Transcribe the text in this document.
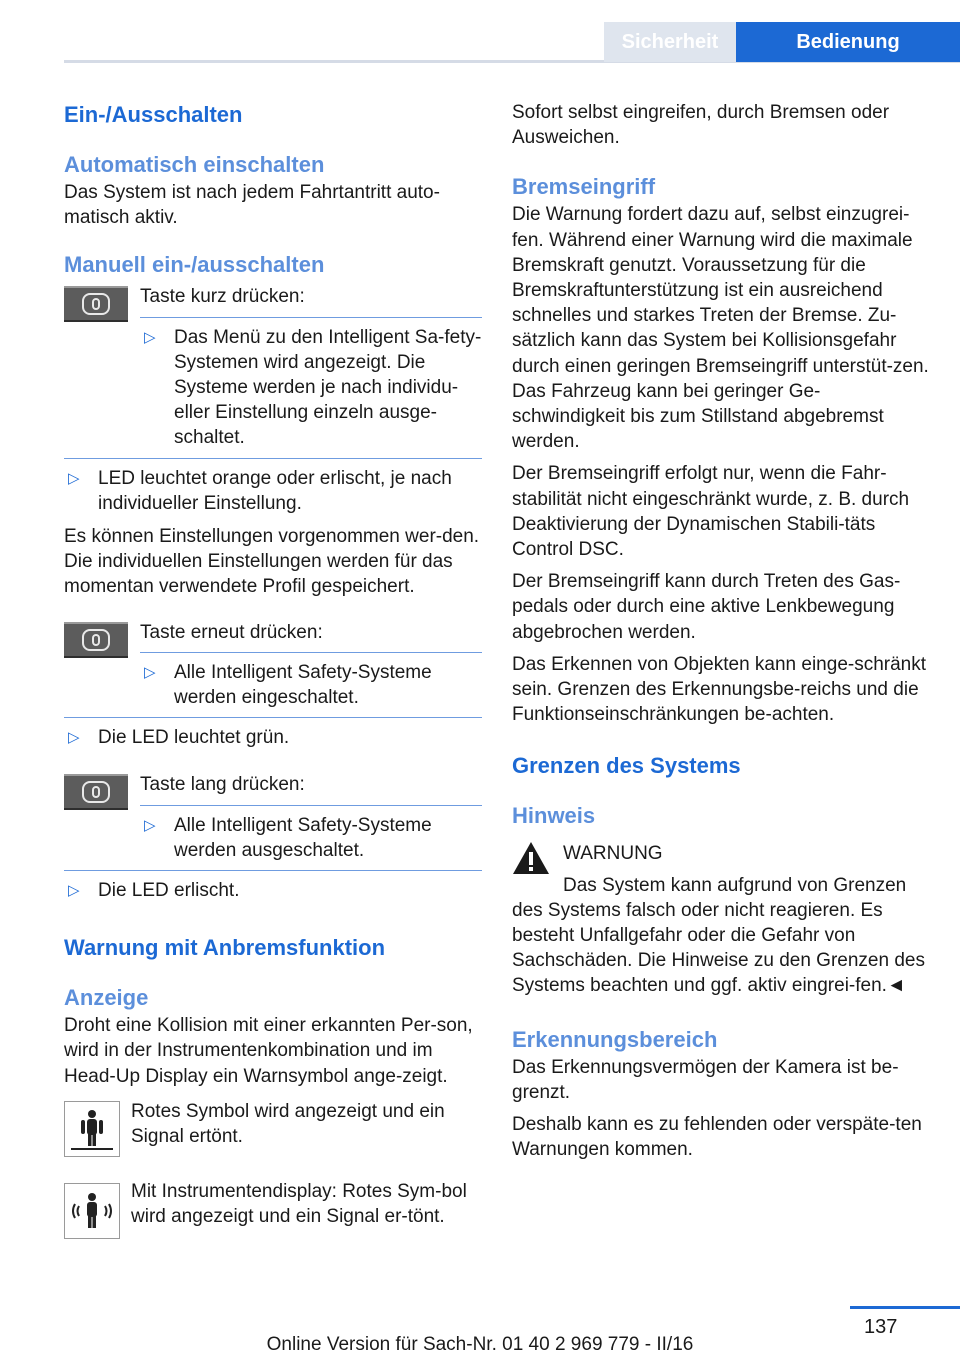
Sicherheit	Bedienung
Ein-/Ausschalten
Automatisch einschalten

Das System ist nach jedem Fahrtantritt auto-matisch aktiv.

Manuell ein-/ausschalten

Taste kurz drücken:

▷ Das Menü zu den Intelligent Sa-fety-Systemen wird angezeigt. Die Systeme werden je nach individu-eller Einstellung einzeln ausge-schaltet.

▷ LED leuchtet orange oder erlischt, je nach individueller Einstellung.

Es können Einstellungen vorgenommen wer-den. Die individuellen Einstellungen werden für das momentan verwendete Profil gespeichert.

Taste erneut drücken:

▷ Alle Intelligent Safety-Systeme werden eingeschaltet.

▷ Die LED leuchtet grün.

Taste lang drücken:

▷ Alle Intelligent Safety-Systeme werden ausgeschaltet.

▷ Die LED erlischt.

Warnung mit Anbremsfunktion
Anzeige

Droht eine Kollision mit einer erkannten Per-son, wird in der Instrumentenkombination und im Head-Up Display ein Warnsymbol ange-zeigt.

Rotes Symbol wird angezeigt und ein Signal ertönt.

Mit Instrumentendisplay: Rotes Sym-bol wird angezeigt und ein Signal er-tönt.

Sofort selbst eingreifen, durch Bremsen oder Ausweichen.

Bremseingriff

Die Warnung fordert dazu auf, selbst einzugrei-fen. Während einer Warnung wird die maximale Bremskraft genutzt. Voraussetzung für die Bremskraftunterstützung ist ein ausreichend schnelles und starkes Treten der Bremse. Zu-sätzlich kann das System bei Kollisionsgefahr durch einen geringen Bremseingriff unterstüt-zen. Das Fahrzeug kann bei geringer Ge-schwindigkeit bis zum Stillstand abgebremst werden.

Der Bremseingriff erfolgt nur, wenn die Fahr-stabilität nicht eingeschränkt wurde, z. B. durch Deaktivierung der Dynamischen Stabili-täts Control DSC.

Der Bremseingriff kann durch Treten des Gas-pedals oder durch eine aktive Lenkbewegung abgebrochen werden.

Das Erkennen von Objekten kann einge-schränkt sein. Grenzen des Erkennungsbe-reichs und die Funktionseinschränkungen be-achten.

Grenzen des Systems
Hinweis

WARNUNG

Das System kann aufgrund von Grenzen des Systems falsch oder nicht reagieren. Es besteht Unfallgefahr oder die Gefahr von Sachschäden. Die Hinweise zu den Grenzen des Systems beachten und ggf. aktiv eingrei-fen.◄

Erkennungsbereich

Das Erkennungsvermögen der Kamera ist be-grenzt.

Deshalb kann es zu fehlenden oder verspäte-ten Warnungen kommen.

137
Online Version für Sach-Nr. 01 40 2 969 779 - II/16
